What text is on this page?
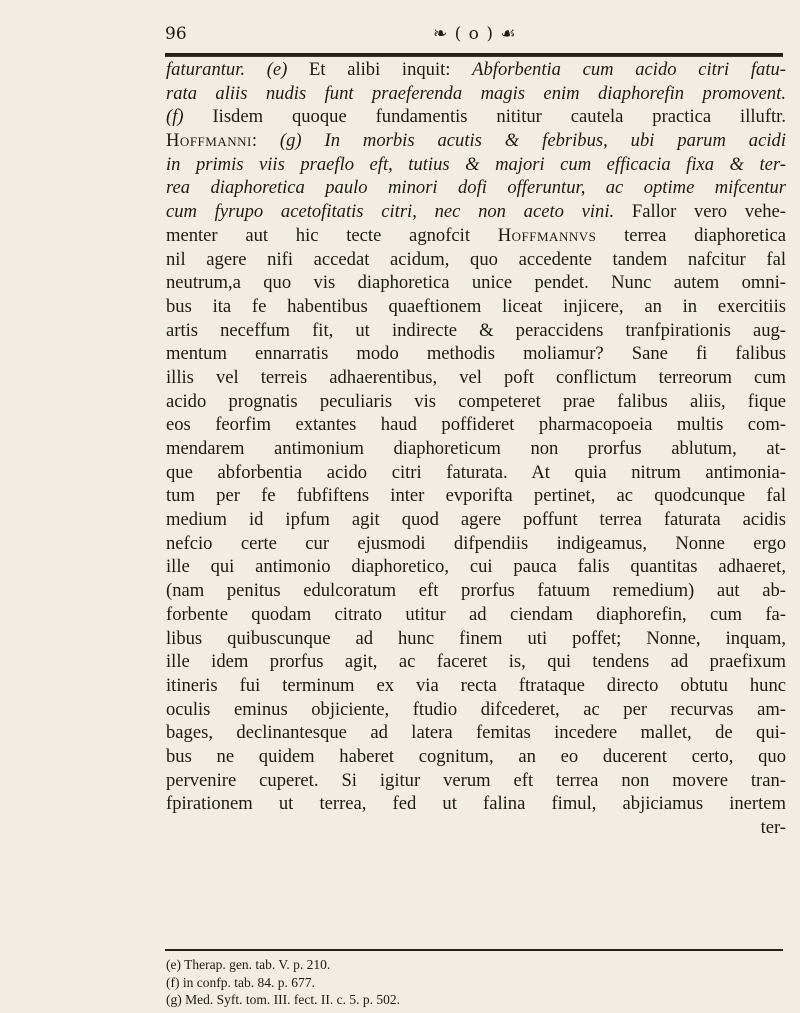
96	❧ ( o ) ☙
faturantur. (e) Et alibi inquit: Abforbentia cum acido citri fatu-
rata aliis nudis funt praeferenda magis enim diaphorefin promovent.
(f) Iisdem quoque fundamentis nititur cautela practica illuftr.
Hoffmanni: (g) In morbis acutis & febribus, ubi parum acidi
in primis viis praeflo eft, tutius & majori cum efficacia fixa & ter-
rea diaphoretica paulo minori dofi offeruntur, ac optime mifcentur
cum fyrupo acetofitatis citri, nec non aceto vini. Fallor vero vehe-
menter aut hic tecte agnofcit Hoffmannvs terrea diaphoretica
nil agere nifi accedat acidum, quo accedente tandem nafcitur fal
neutrum,a quo vis diaphoretica unice pendet. Nunc autem omni-
bus ita fe habentibus quaeftionem liceat injicere, an in exercitiis
artis neceffum fit, ut indirecte & peraccidens tranfpirationis aug-
mentum ennarratis modo methodis moliamur? Sane fi falibus
illis vel terreis adhaerentibus, vel poft conflictum terreorum cum
acido prognatis peculiaris vis competeret prae falibus aliis, fique
eos feorfim extantes haud poffideret pharmacopoeia multis com-
mendarem antimonium diaphoreticum non prorfus ablutum, at-
que abforbentia acido citri faturata. At quia nitrum antimonia-
tum per fe fubfiftens inter evporifta pertinet, ac quodcunque fal
medium id ipfum agit quod agere poffunt terrea faturata acidis
nefcio certe cur ejusmodi difpendiis indigeamus, Nonne ergo
ille qui antimonio diaphoretico, cui pauca falis quantitas adhaeret,
(nam penitus edulcoratum eft prorfus fatuum remedium) aut ab-
forbente quodam citrato utitur ad ciendam diaphorefin, cum fa-
libus quibuscunque ad hunc finem uti poffet; Nonne, inquam,
ille idem prorfus agit, ac faceret is, qui tendens ad praefixum
itineris fui terminum ex via recta ftrataque directo obtutu hunc
oculis eminus objiciente, ftudio difcederet, ac per recurvas am-
bages, declinantesque ad latera femitas incedere mallet, de qui-
bus ne quidem haberet cognitum, an eo ducerent certo, quo
pervenire cuperet. Si igitur verum eft terrea non movere tran-
fpirationem ut terrea, fed ut falina fimul, abjiciamus inertem
ter-
(e) Therap. gen. tab. V. p. 210.
(f) in confp. tab. 84. p. 677.
(g) Med. Syft. tom. III. fect. II. c. 5. p. 502.
